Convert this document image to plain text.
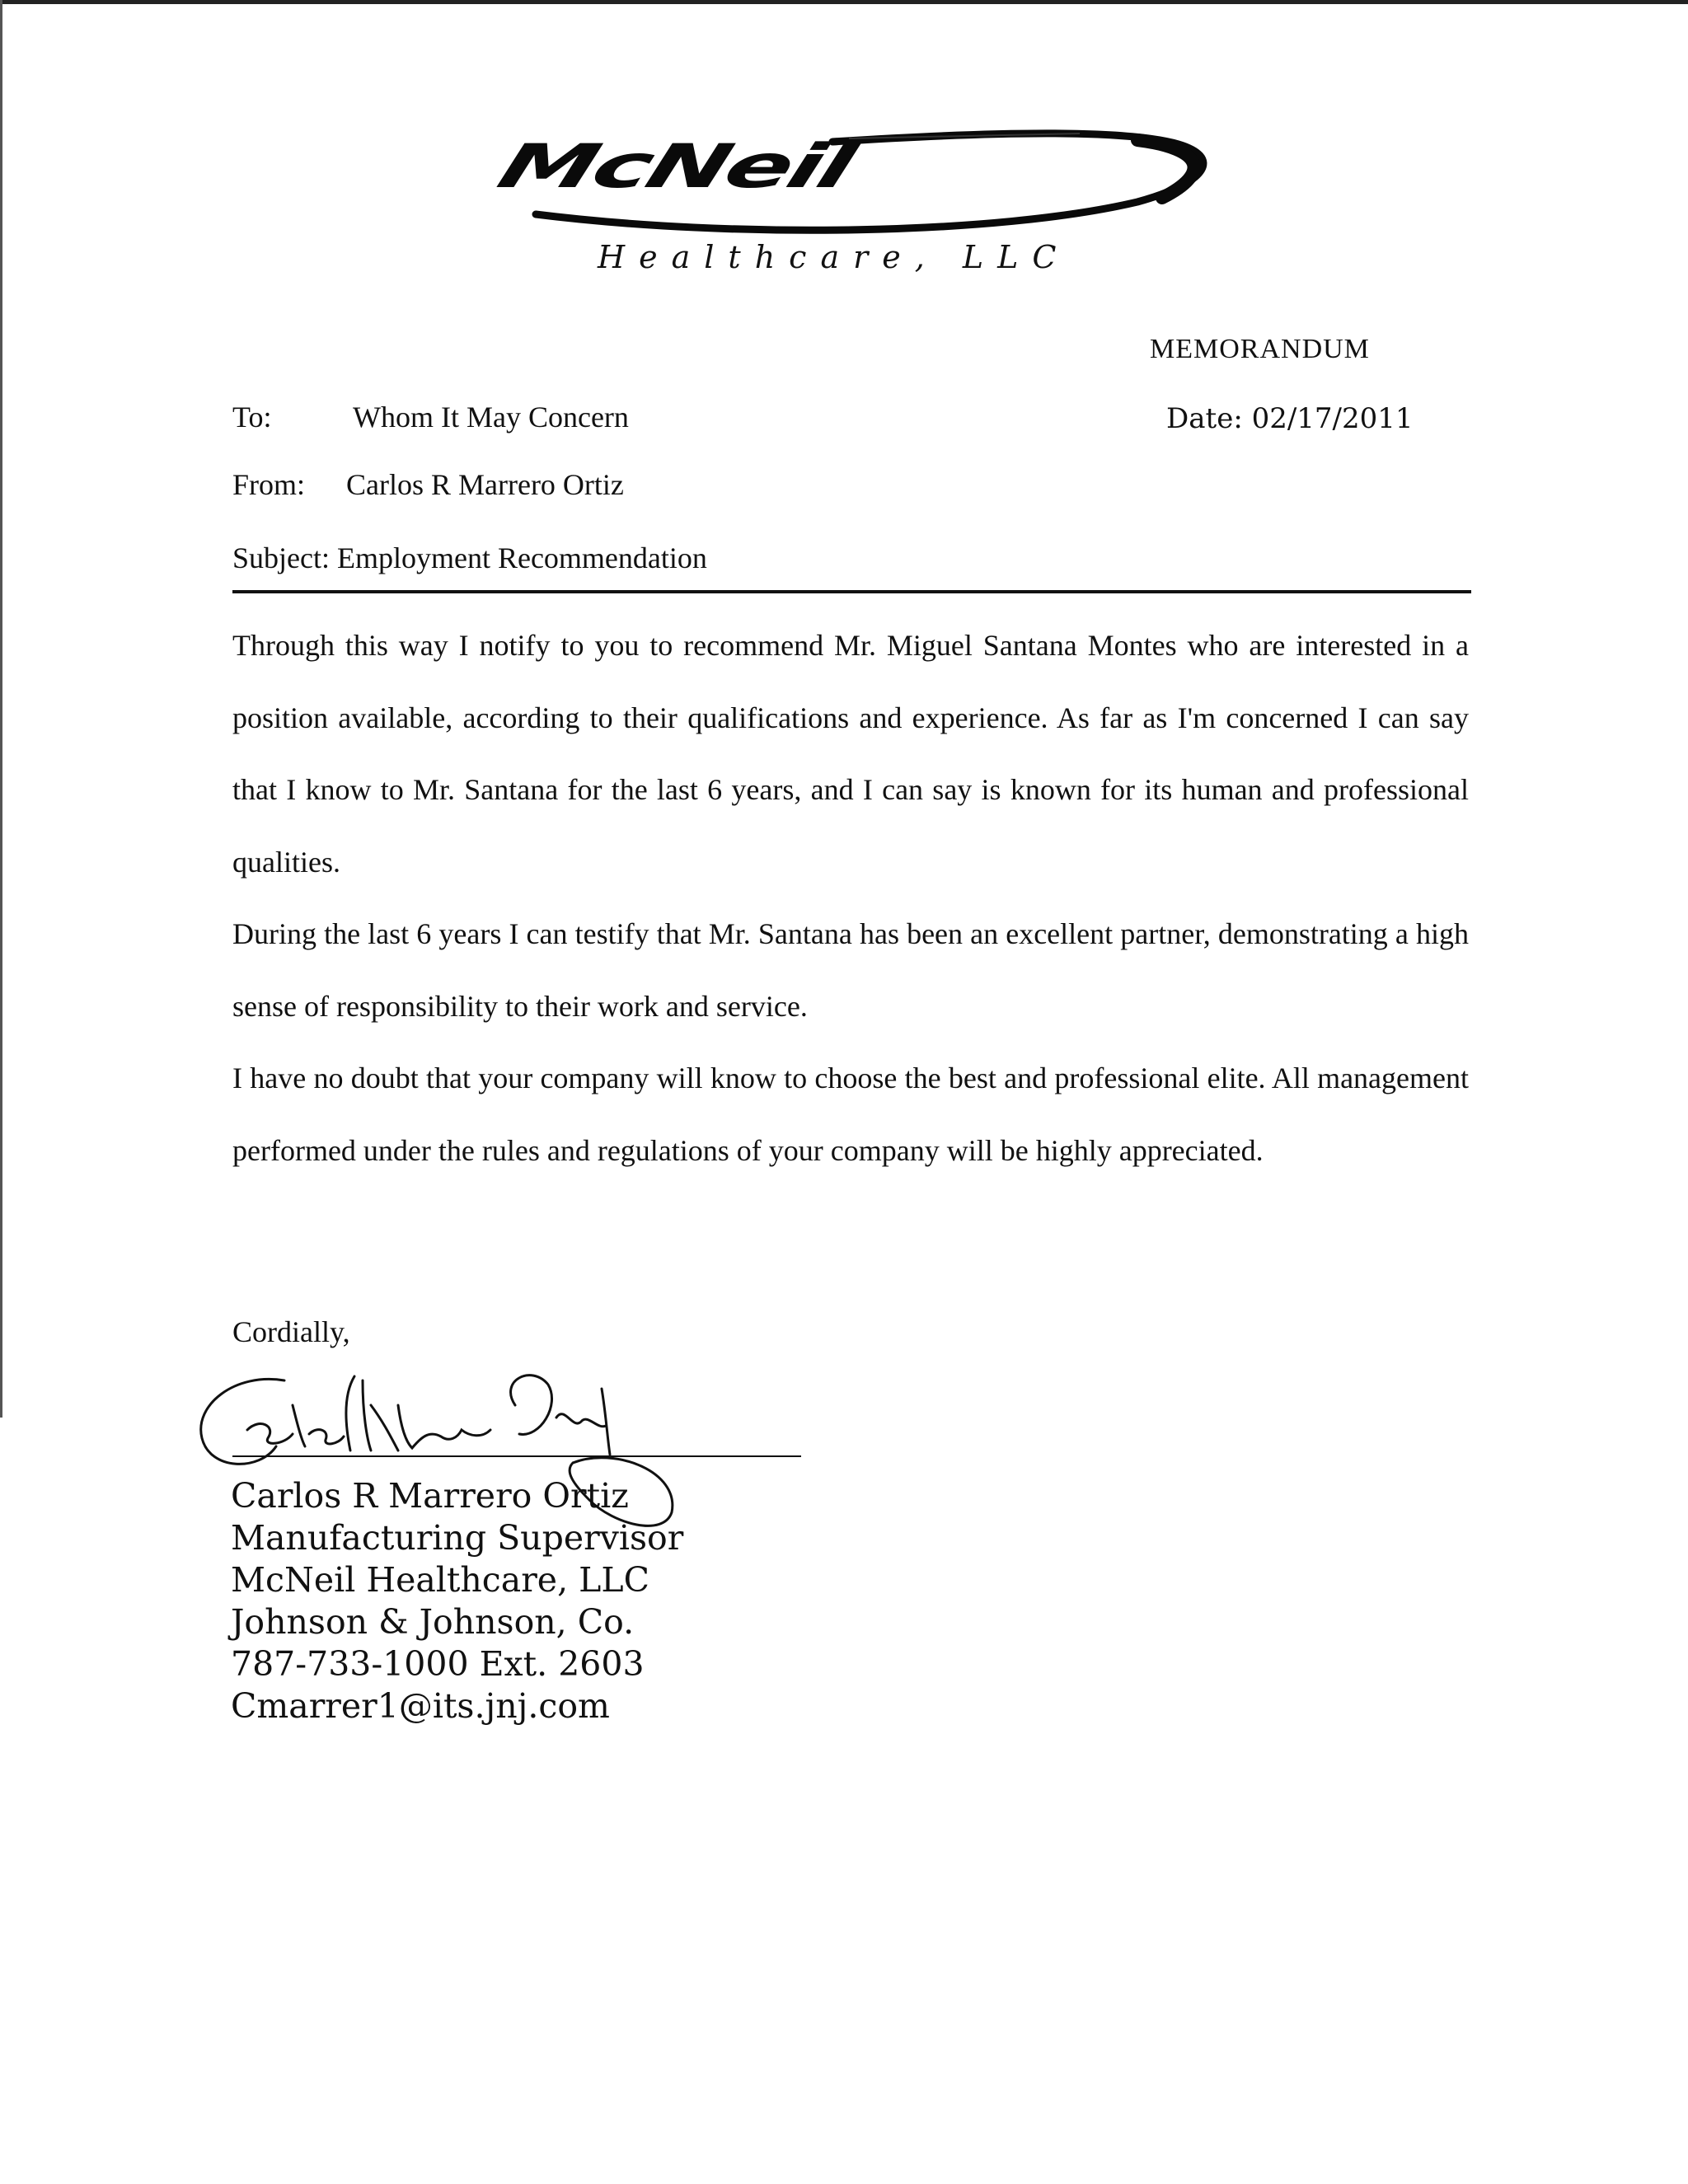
McNeil
Healthcare, LLC
MEMORANDUM
To:	Whom It May Concern	Date: 02/17/2011
From: Carlos R Marrero Ortiz
Subject: Employment Recommendation

Through this way I notify to you to recommend Mr. Miguel Santana Montes who are interested in a position available, according to their qualifications and experience. As far as I'm concerned I can say that I know to Mr. Santana for the last 6 years, and I can say is known for its human and professional qualities.

During the last 6 years I can testify that Mr. Santana has been an excellent partner, demonstrating a high sense of responsibility to their work and service.

I have no doubt that your company will know to choose the best and professional elite. All management performed under the rules and regulations of your company will be highly appreciated.

Cordially,
Carlos R Marrero Ortiz
Manufacturing Supervisor
McNeil Healthcare, LLC
Johnson & Johnson, Co.
787-733-1000 Ext. 2603
Cmarrer1@its.jnj.com
